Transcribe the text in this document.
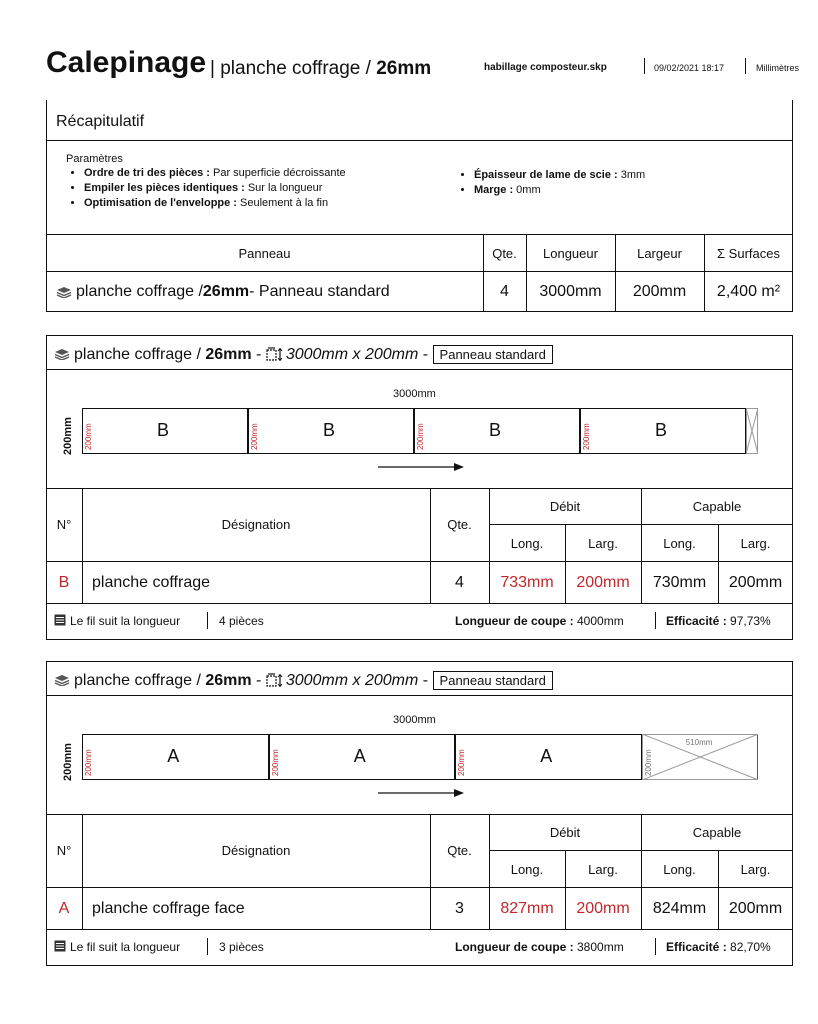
Calepinage | planche coffrage / 26mm	habillage composteur.skp	09/02/2021 18:17	Millimètres
Récapitulatif
Paramètres
• Ordre de tri des pièces : Par superficie décroissante
• Empiler les pièces identiques : Sur la longueur
• Optimisation de l'enveloppe : Seulement à la fin
• Épaisseur de lame de scie : 3mm
• Marge : 0mm
Panneau	Qte.	Longueur	Largeur	Σ Surfaces
planche coffrage / 26mm - Panneau standard	4	3000mm	200mm	2,400 m²
planche coffrage / 26mm - 3000mm x 200mm - Panneau standard
3000mm
200mm 200mm	B	200mm	B	200mm	B	200mm	B
N°	Désignation	Qte.
Débit	Capable
Long.	Larg.	Long.	Larg.
B	planche coffrage	4	733mm	200mm	730mm	200mm
Le fil suit la longueur	4 pièces	Longueur de coupe : 4000mm	Efficacité : 97,73%
planche coffrage / 26mm - 3000mm x 200mm - Panneau standard
3000mm
200mm 200mm	A	200mm	A	200mm	A
510mm
200mm
N°	Désignation	Qte.
Débit	Capable
Long.	Larg.	Long.	Larg.
A	planche coffrage face	3	827mm	200mm	824mm	200mm
Le fil suit la longueur	3 pièces	Longueur de coupe : 3800mm	Efficacité : 82,70%
